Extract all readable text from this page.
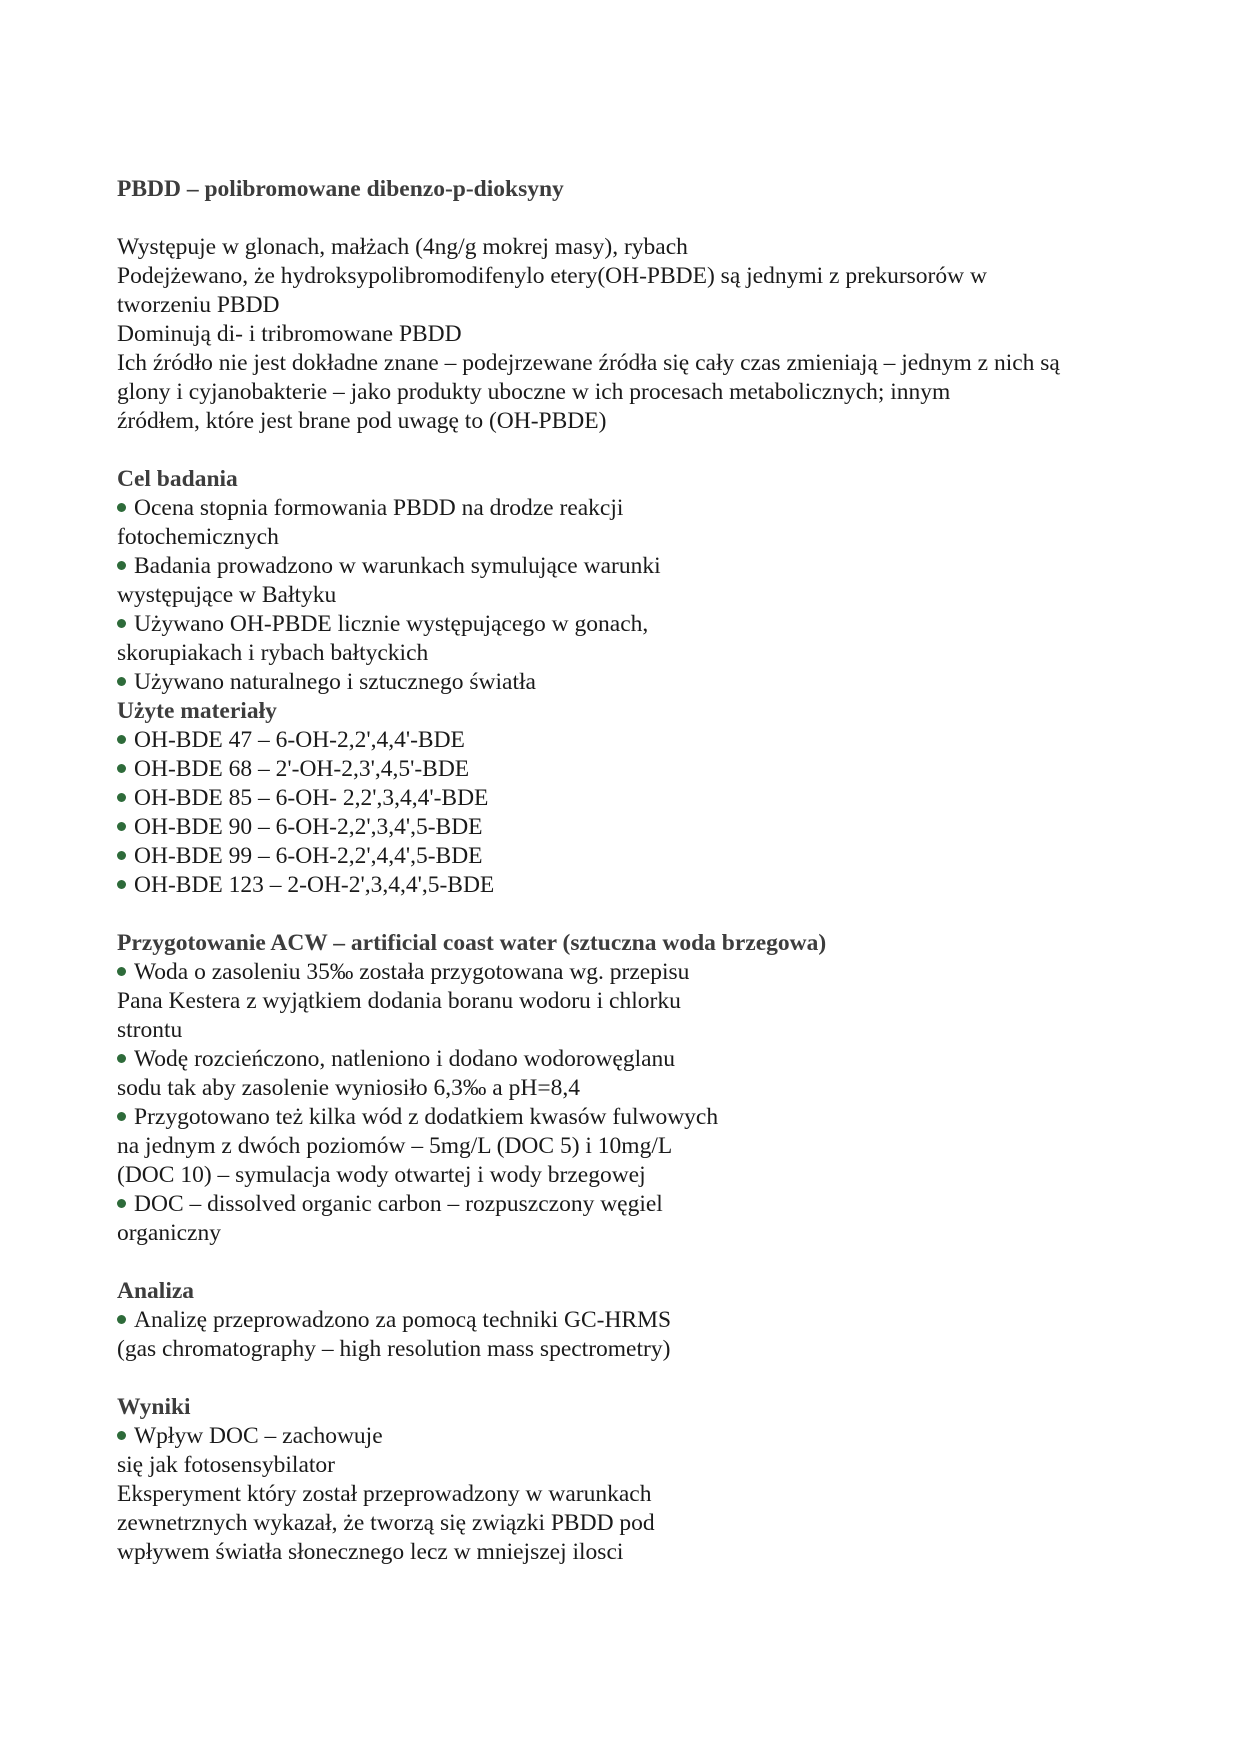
PBDD – polibromowane dibenzo-p-dioksyny

Występuje w glonach, małżach (4ng/g mokrej masy), rybach

Podejżewano, że hydroksypolibromodifenylo etery(OH-PBDE) są jednymi z prekursorów w

tworzeniu PBDD

Dominują di- i tribromowane PBDD

Ich źródło nie jest dokładne znane – podejrzewane źródła się cały czas zmieniają – jednym z nich są

glony i cyjanobakterie – jako produkty uboczne w ich procesach metabolicznych; innym

źródłem, które jest brane pod uwagę to (OH-PBDE)

Cel badania

Ocena stopnia formowania PBDD na drodze reakcji

fotochemicznych

Badania prowadzono w warunkach symulujące warunki

występujące w Bałtyku

Używano OH-PBDE licznie występującego w gonach,

skorupiakach i rybach bałtyckich

Używano naturalnego i sztucznego światła

Użyte materiały

OH-BDE 47 – 6-OH-2,2',4,4'-BDE

OH-BDE 68 – 2'-OH-2,3',4,5'-BDE

OH-BDE 85 – 6-OH- 2,2',3,4,4'-BDE

OH-BDE 90 – 6-OH-2,2',3,4',5-BDE

OH-BDE 99 – 6-OH-2,2',4,4',5-BDE

OH-BDE 123 – 2-OH-2',3,4,4',5-BDE

Przygotowanie ACW – artificial coast water (sztuczna woda brzegowa)

Woda o zasoleniu 35‰ została przygotowana wg. przepisu

Pana Kestera z wyjątkiem dodania boranu wodoru i chlorku

strontu

Wodę rozcieńczono, natleniono i dodano wodorowęglanu

sodu tak aby zasolenie wyniosiło 6,3‰ a pH=8,4

Przygotowano też kilka wód z dodatkiem kwasów fulwowych

na jednym z dwóch poziomów – 5mg/L (DOC 5) i 10mg/L

(DOC 10) – symulacja wody otwartej i wody brzegowej

DOC – dissolved organic carbon – rozpuszczony węgiel

organiczny

Analiza

Analizę przeprowadzono za pomocą techniki GC-HRMS

(gas chromatography – high resolution mass spectrometry)

Wyniki

Wpływ DOC – zachowuje

się jak fotosensybilator

Eksperyment który został przeprowadzony w warunkach

zewnetrznych wykazał, że tworzą się związki PBDD pod

wpływem światła słonecznego lecz w mniejszej ilosci
